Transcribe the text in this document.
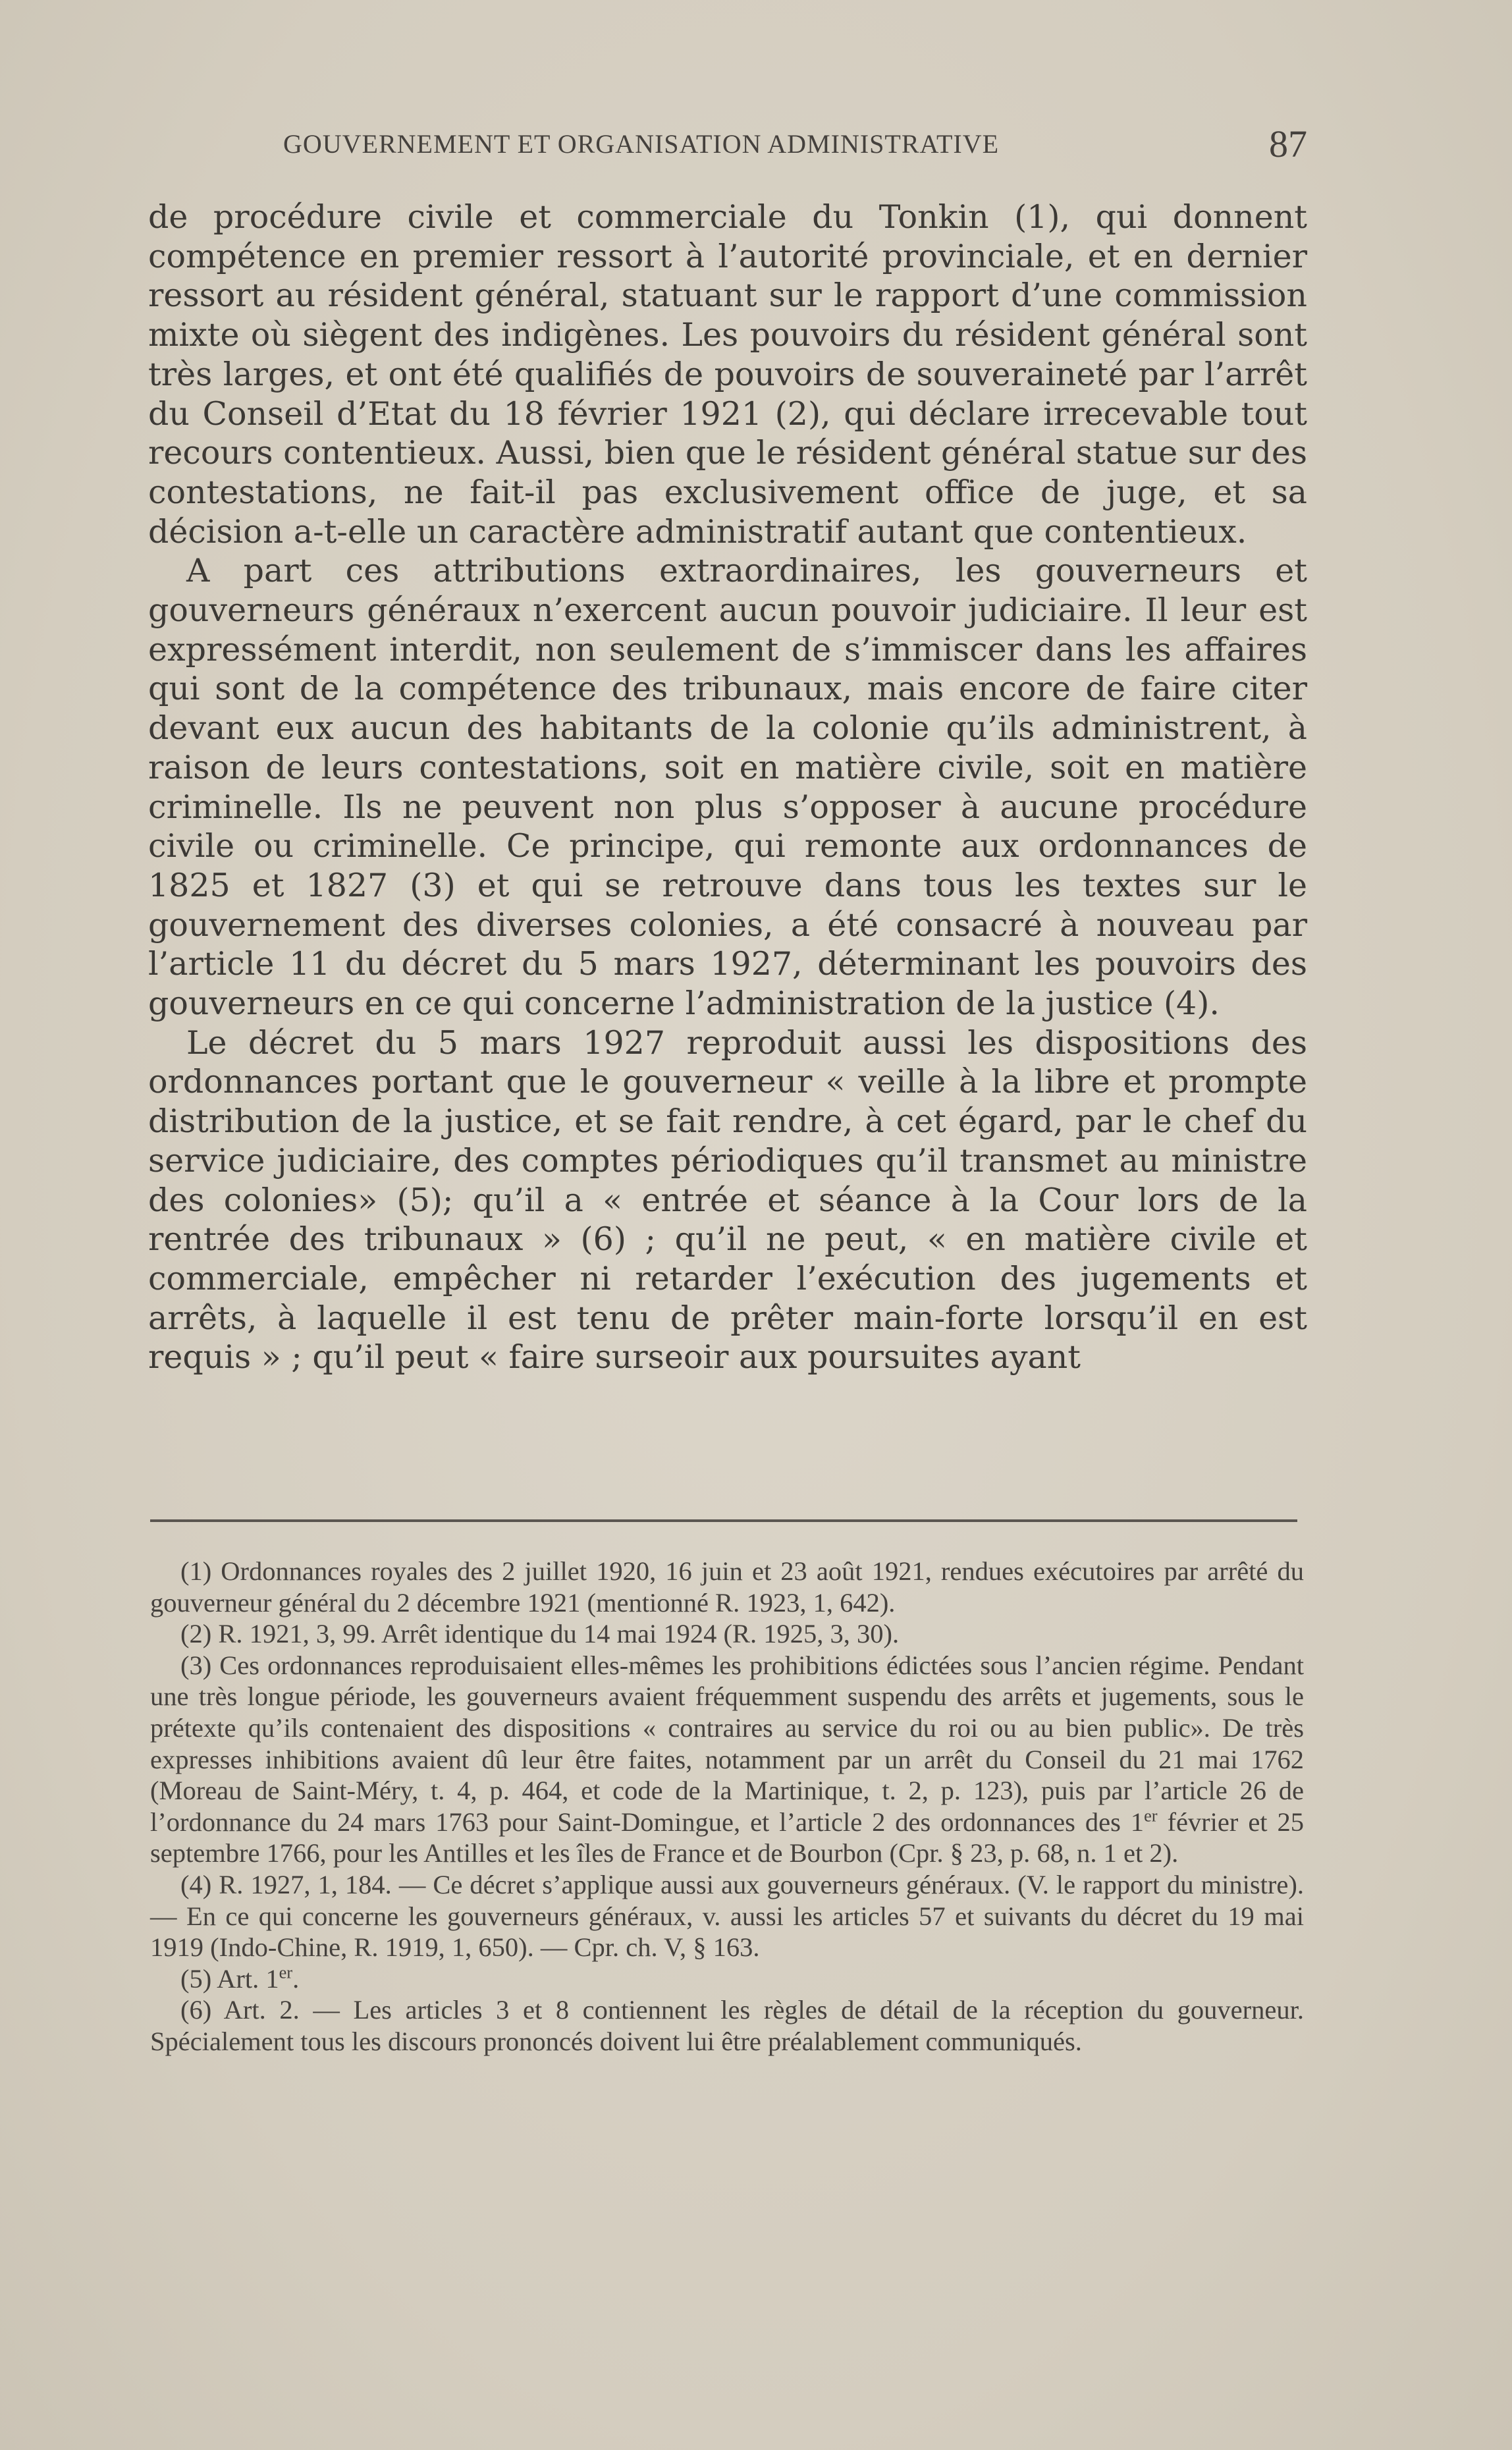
GOUVERNEMENT ET ORGANISATION ADMINISTRATIVE	87

de procédure civile et commerciale du Tonkin (1), qui donnent compétence en premier ressort à l’autorité provinciale, et en dernier ressort au résident général, statuant sur le rapport d’une commission mixte où siègent des indigènes. Les pouvoirs du résident général sont très larges, et ont été qualifiés de pouvoirs de souveraineté par l’arrêt du Conseil d’Etat du 18 février 1921 (2), qui déclare irrecevable tout recours contentieux. Aussi, bien que le résident général statue sur des contestations, ne fait-il pas exclusivement office de juge, et sa décision a-t-elle un caractère administratif autant que contentieux.

A part ces attributions extraordinaires, les gouverneurs et gouverneurs généraux n’exercent aucun pouvoir judiciaire. Il leur est expressément interdit, non seulement de s’immiscer dans les affaires qui sont de la compétence des tribunaux, mais encore de faire citer devant eux aucun des habitants de la colonie qu’ils administrent, à raison de leurs contestations, soit en matière civile, soit en matière criminelle. Ils ne peuvent non plus s’opposer à aucune procédure civile ou criminelle. Ce principe, qui remonte aux ordonnances de 1825 et 1827 (3) et qui se retrouve dans tous les textes sur le gouvernement des diverses colonies, a été consacré à nouveau par l’article 11 du décret du 5 mars 1927, déterminant les pouvoirs des gouverneurs en ce qui concerne l’administration de la justice (4).

Le décret du 5 mars 1927 reproduit aussi les dispositions des ordonnances portant que le gouverneur « veille à la libre et prompte distribution de la justice, et se fait rendre, à cet égard, par le chef du service judiciaire, des comptes périodiques qu’il transmet au ministre des colonies» (5); qu’il a « entrée et séance à la Cour lors de la rentrée des tribunaux » (6) ; qu’il ne peut, « en matière civile et commerciale, empêcher ni retarder l’exécution des jugements et arrêts, à laquelle il est tenu de prêter main-forte lorsqu’il en est requis » ; qu’il peut « faire surseoir aux poursuites ayant

(1) Ordonnances royales des 2 juillet 1920, 16 juin et 23 août 1921, rendues exécutoires par arrêté du gouverneur général du 2 décembre 1921 (mentionné R. 1923, 1, 642).

(2) R. 1921, 3, 99. Arrêt identique du 14 mai 1924 (R. 1925, 3, 30).

(3) Ces ordonnances reproduisaient elles-mêmes les prohibitions édictées sous l’ancien régime. Pendant une très longue période, les gouverneurs avaient fréquemment suspendu des arrêts et jugements, sous le prétexte qu’ils contenaient des dispositions « contraires au service du roi ou au bien public». De très expresses inhibitions avaient dû leur être faites, notamment par un arrêt du Conseil du 21 mai 1762 (Moreau de Saint-Méry, t. 4, p. 464, et code de la Martinique, t. 2, p. 123), puis par l’article 26 de l’ordonnance du 24 mars 1763 pour Saint-Domingue, et l’article 2 des ordonnances des 1er février et 25 septembre 1766, pour les Antilles et les îles de France et de Bourbon (Cpr. § 23, p. 68, n. 1 et 2).

(4) R. 1927, 1, 184. — Ce décret s’applique aussi aux gouverneurs généraux. (V. le rapport du ministre). — En ce qui concerne les gouverneurs généraux, v. aussi les articles 57 et suivants du décret du 19 mai 1919 (Indo-Chine, R. 1919, 1, 650). — Cpr. ch. V, § 163.

(5) Art. 1er.

(6) Art. 2. — Les articles 3 et 8 contiennent les règles de détail de la réception du gouverneur. Spécialement tous les discours prononcés doivent lui être préalablement communiqués.
